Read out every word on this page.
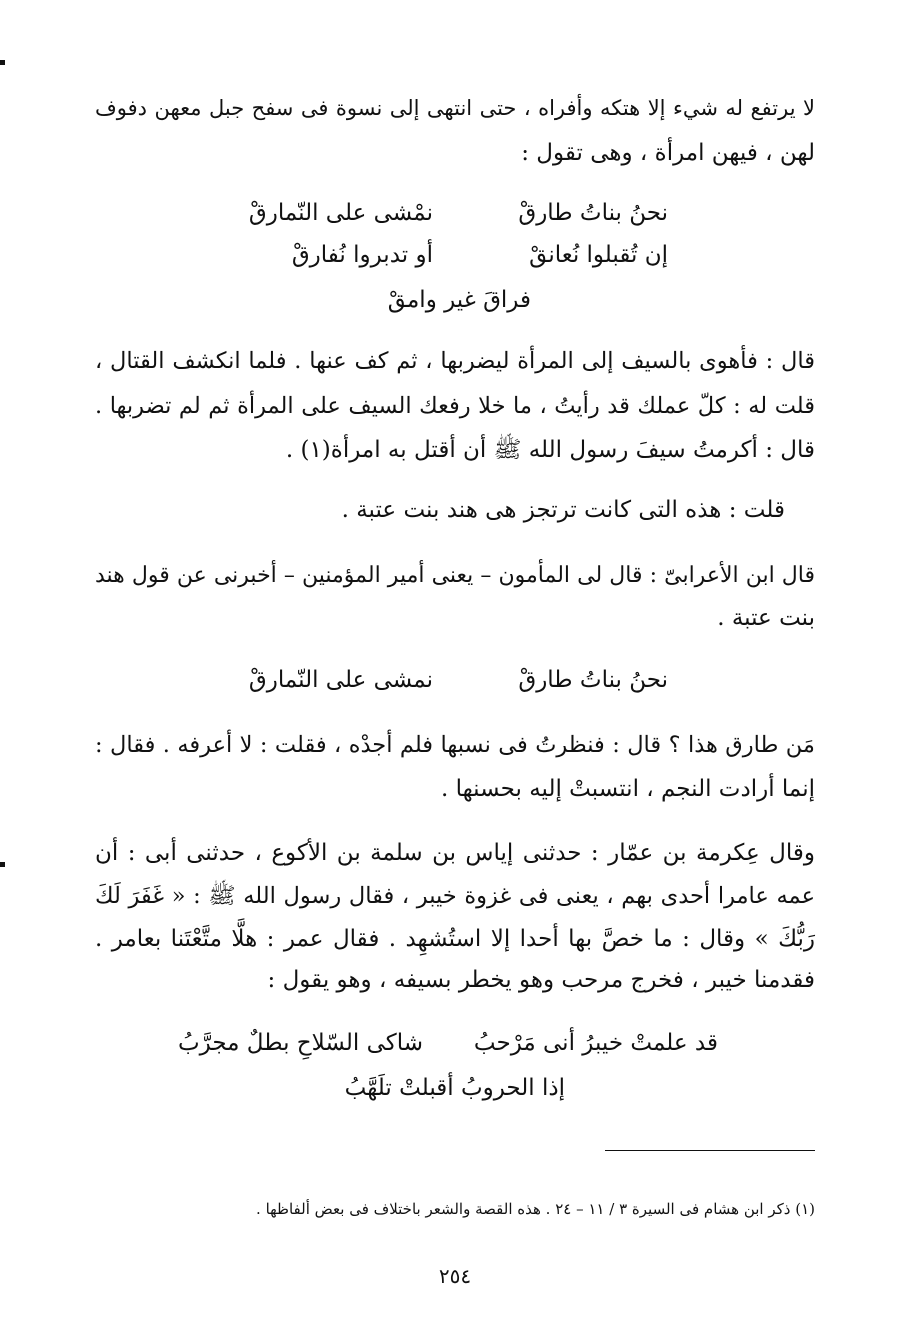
لا يرتفع له شيء إلا هتكه وأفراه ، حتى انتهى إلى نسوة فى سفح جبل معهن دفوف
لهن ، فيهن امرأة ، وهى تقول :
نحنُ بناتُ طارقْ
نمْشى على النّمارقْ
إن تُقبلوا نُعانقْ
أو تدبروا نُفارقْ
فراقَ غير وامقْ
قال : فأهوى بالسيف إلى المرأة ليضربها ، ثم كف عنها . فلما انكشف القتال ،
قلت له : كلّ عملك قد رأيتُ ، ما خلا رفعك السيف على المرأة ثم لم تضربها .
قال : أكرمتُ سيفَ رسول الله ﷺ أن أقتل به امرأة(١) .
قلت : هذه التى كانت ترتجز هى هند بنت عتبة .
قال ابن الأعرابىّ : قال لى المأمون – يعنى أمير المؤمنين – أخبرنى عن قول هند
بنت عتبة .
نحنُ بناتُ طارقْ
نمشى على النّمارقْ
مَن طارق هذا ؟ قال : فنظرتُ فى نسبها فلم أجدْه ، فقلت : لا أعرفه . فقال :
إنما أرادت النجم ، انتسبتْ إليه بحسنها .
وقال عِكرمة بن عمّار : حدثنى إياس بن سلمة بن الأكوع ، حدثنى أبى : أن
عمه عامرا أحدى بهم ، يعنى فى غزوة خيبر ، فقال رسول الله ﷺ : « غَفَرَ لَكَ
رَبُّكَ » وقال : ما خصَّ بها أحدا إلا استُشهِد . فقال عمر : هلَّا متَّعْتَنا بعامر .
فقدمنا خيبر ، فخرج مرحب وهو يخطر بسيفه ، وهو يقول :
قد علمتْ خيبرُ أنى مَرْحبُ
شاكى السّلاحِ بطلٌ مجرَّبُ
إذا الحروبُ أقبلتْ تلَهَّبُ
(١) ذكر ابن هشام فى السيرة ٣ / ١١ – ٢٤ . هذه القصة والشعر باختلاف فى بعض ألفاظها .
٢٥٤
